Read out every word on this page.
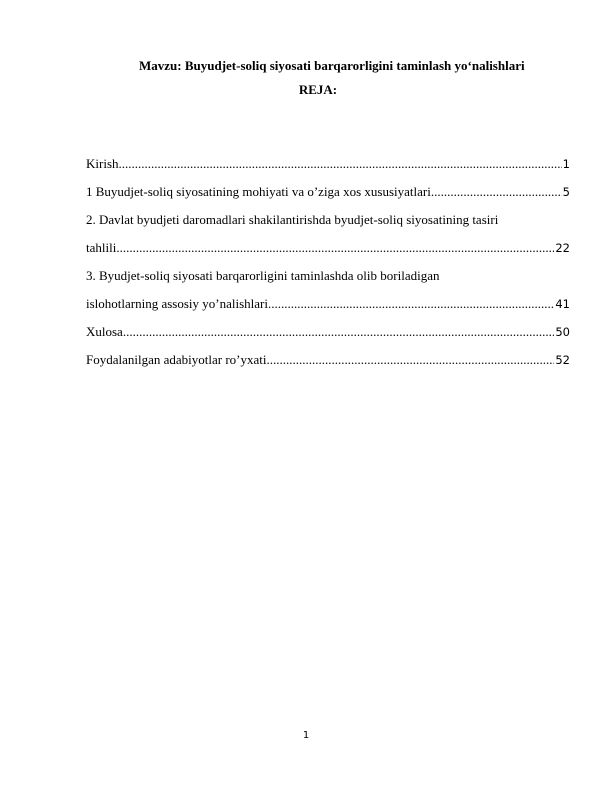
Mavzu: Buyudjet-soliq siyosati barqarorligini taminlash yo‘nalishlari
REJA:
Kirish .....	1
1 Buyudjet-soliq siyosatining mohiyati va o’ziga xos xususiyatlari .....	5
2. Davlat byudjeti daromadlari shakilantirishda byudjet-soliq siyosatining tasiri
tahlili .....	22
3. Byudjet-soliq siyosati barqarorligini taminlashda olib boriladigan
islohotlarning assosiy yo’nalishlari .....	41
Xulosa .....	50
Foydalanilgan adabiyotlar ro’yxati .....	52
1
